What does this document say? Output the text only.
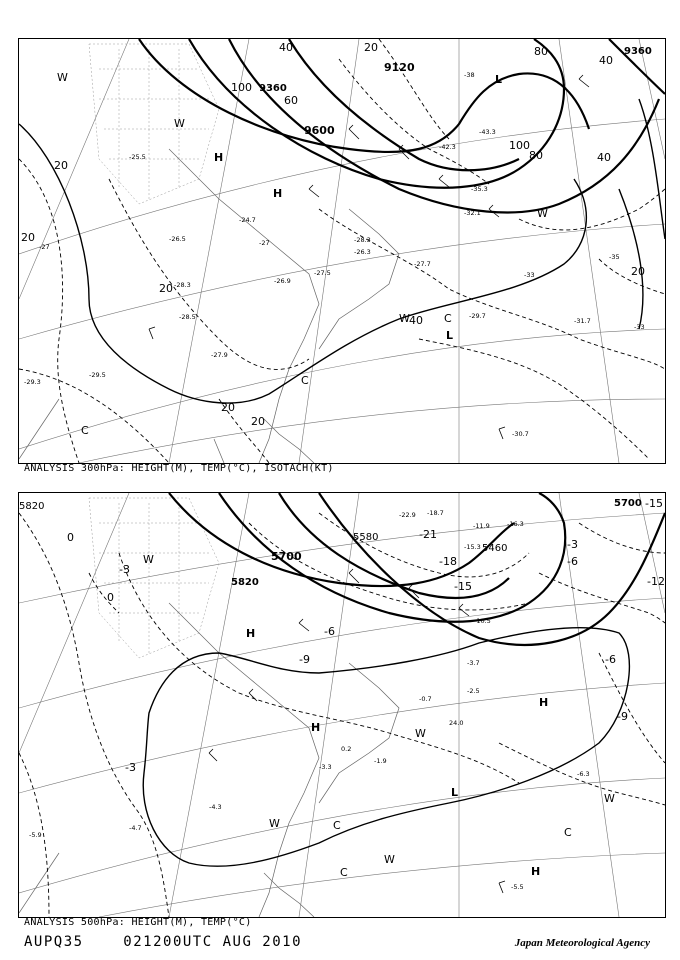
9120
9360
9600
9360
20
40
60
80
100
40
80
100
20
20
20
20
20
40
40
20
-27
-25.5
-26.5
-28.3
-24.7
-27
-26.3
-27.5
-29.5
-28.3
-27.7
-28.5
-26.9
-27.9
-29.3
-30.7
-32.1
-35.3
-42.3
-43.3
-29.7
-31.7
-33
-35
-33
-38
H
H
L
L
W
W
W
W	C
C
C
ANALYSIS 300hPa: HEIGHT(M), TEMP(°C), ISOTACH(KT)
5820
5700
5580
5460
5820	5700
0
-3
0
-6
-9
-12
-15
-18
-21
-15
-6
-3
-9
-3
-6
-4.3
-5.5
-6.3
-4.7
-5.9
-18.7
-22.9
-11.9	-16.3
-15.3
-10.5
-3.7
-2.5
-0.7
24.0
0.2
-1.9
-3.3
H
H
H
H
L
W
W
W
W
W
C
C
C
ANALYSIS 500hPa: HEIGHT(M), TEMP(°C)
AUPQ35	021200UTC AUG 2010	Japan Meteorological Agency
